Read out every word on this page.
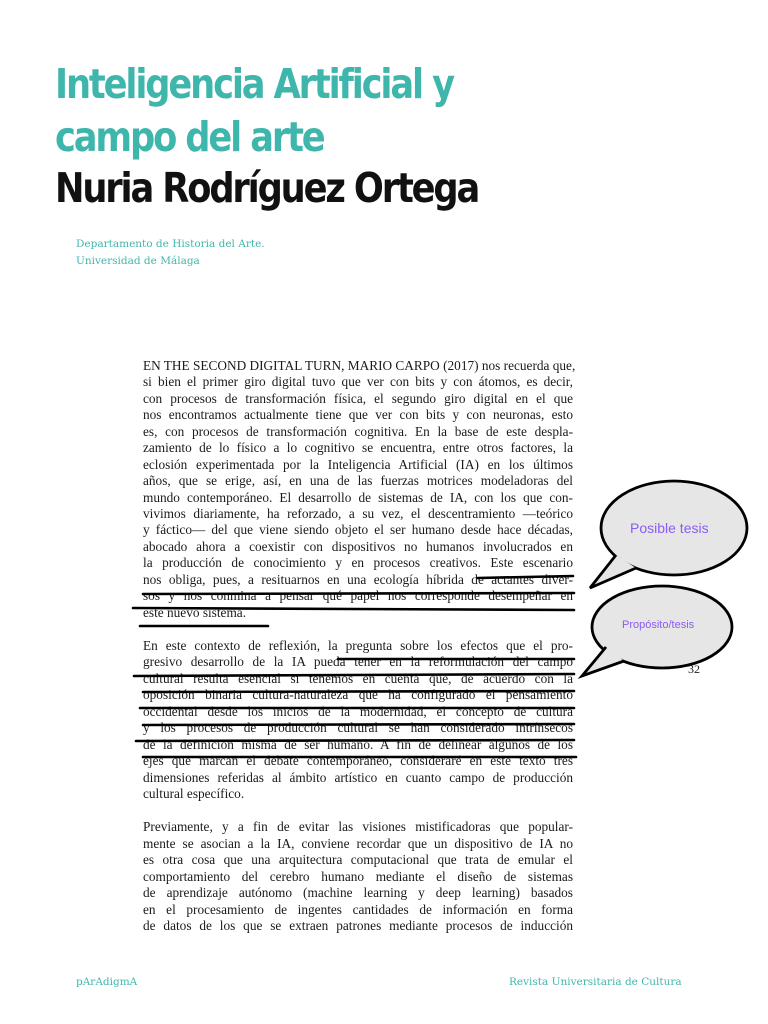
Inteligencia Artificial y
campo del arte
Nuria Rodríguez Ortega

Departamento de Historia del Arte.
Universidad de Málaga

EN THE SECOND DIGITAL TURN, MARIO CARPO (2017) nos recuerda que,
si bien el primer giro digital tuvo que ver con bits y con átomos, es decir,
con procesos de transformación física, el segundo giro digital en el que
nos encontramos actualmente tiene que ver con bits y con neuronas, esto
es, con procesos de transformación cognitiva. En la base de este despla-
zamiento de lo físico a lo cognitivo se encuentra, entre otros factores, la
eclosión experimentada por la Inteligencia Artificial (IA) en los últimos
años, que se erige, así, en una de las fuerzas motrices modeladoras del
mundo contemporáneo. El desarrollo de sistemas de IA, con los que con-
vivimos diariamente, ha reforzado, a su vez, el descentramiento —teórico
y fáctico— del que viene siendo objeto el ser humano desde hace décadas,
abocado ahora a coexistir con dispositivos no humanos involucrados en
la producción de conocimiento y en procesos creativos. Este escenario
nos obliga, pues, a resituarnos en una ecología híbrida de actantes diver-
sos y nos conmina a pensar qué papel nos corresponde desempeñar en
este nuevo sistema.
En este contexto de reflexión, la pregunta sobre los efectos que el pro-
gresivo desarrollo de la IA pueda tener en la reformulación del campo
cultural resulta esencial si tenemos en cuenta que, de acuerdo con la
oposición binaria cultura-naturaleza que ha configurado el pensamiento
occidental desde los inicios de la modernidad, el concepto de cultura
y los procesos de producción cultural se han considerado intrínsecos
de la definición misma de ser humano. A fin de delinear algunos de los
ejes que marcan el debate contemporáneo, consideraré en este texto tres
dimensiones referidas al ámbito artístico en cuanto campo de producción
cultural específico.
Previamente, y a fin de evitar las visiones mistificadoras que popular-
mente se asocian a la IA, conviene recordar que un dispositivo de IA no
es otra cosa que una arquitectura computacional que trata de emular el
comportamiento del cerebro humano mediante el diseño de sistemas
de aprendizaje autónomo (machine learning y deep learning) basados
en el procesamiento de ingentes cantidades de información en forma
de datos de los que se extraen patrones mediante procesos de inducción
Posible tesis
Propósito/tesis
32
pArAdigmA	Revista Universitaria de Cultura
